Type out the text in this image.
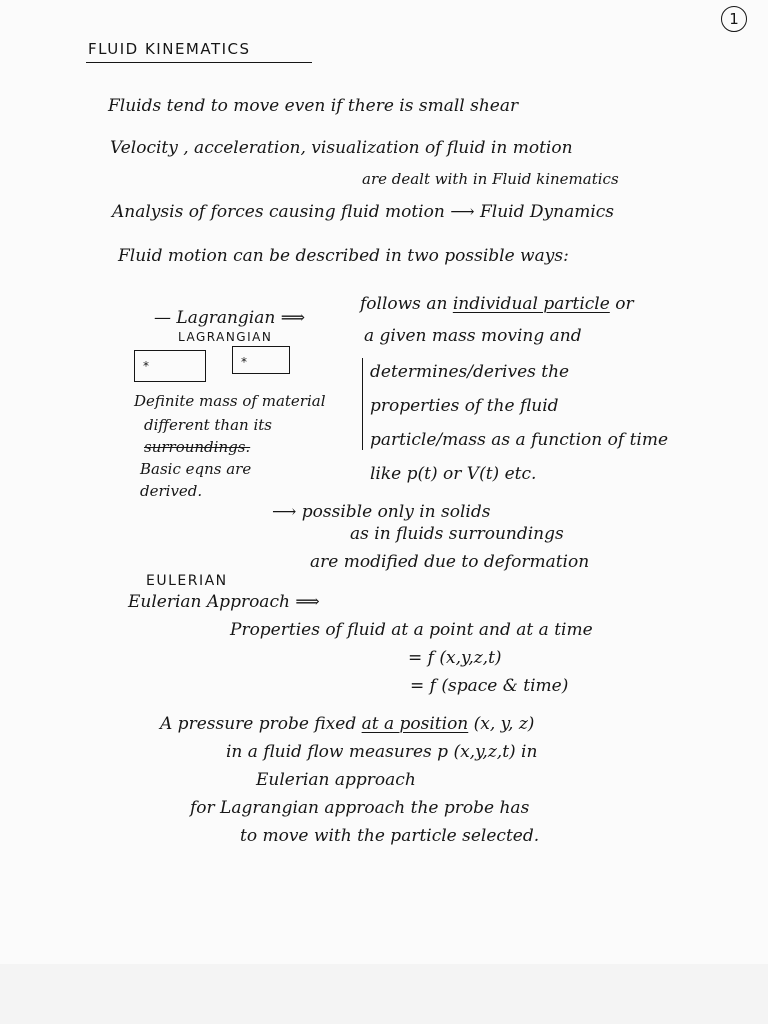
1
FLUID KINEMATICS
Fluids tend to move even if there is small shear
Velocity , acceleration, visualization of fluid in motion
are dealt with in Fluid kinematics
Analysis of forces causing fluid motion ⟶ Fluid Dynamics
Fluid motion can be described in two possible ways:
— Lagrangian ⟹
LAGRANGIAN
*	*
follows an individual particle or
a given mass moving and
determines/derives the
properties of the fluid
particle/mass as a function of time
like p(t) or V(t) etc.
Definite mass of material
different than its
surroundings.
Basic eqns are
derived.
⟶ possible only in solids
as in fluids surroundings
are modified due to deformation
EULERIAN
Eulerian Approach ⟹
Properties of fluid at a point and at a time
= f (x,y,z,t)
= f (space & time)
A pressure probe fixed at a position (x, y, z)
in a fluid flow measures p (x,y,z,t) in
Eulerian approach
for Lagrangian approach the probe has
to move with the particle selected.
